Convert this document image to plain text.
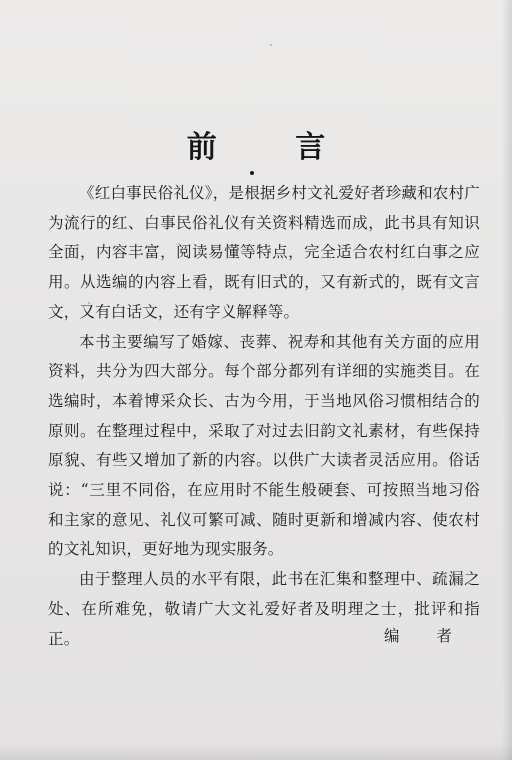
前 言

《红白事民俗礼仪》，是根据乡村文礼爱好者珍藏和农村广为流行的红、白事民俗礼仪有关资料精选而成，此书具有知识全面，内容丰富，阅读易懂等特点，完全适合农村红白事之应用。从选编的内容上看，既有旧式的，又有新式的，既有文言文，又有白话文，还有字义解释等。

本书主要编写了婚嫁、丧葬、祝寿和其他有关方面的应用资料，共分为四大部分。每个部分都列有详细的实施类目。在选编时，本着博采众长、古为今用，于当地风俗习惯相结合的原则。在整理过程中，采取了对过去旧韵文礼素材，有些保持原貌、有些又增加了新的内容。以供广大读者灵活应用。俗话说：“三里不同俗，在应用时不能生般硬套、可按照当地习俗和主家的意见、礼仪可繁可减、随时更新和增减内容、使农村的文礼知识，更好地为现实服务。

由于整理人员的水平有限，此书在汇集和整理中、疏漏之处、在所难免，敬请广大文礼爱好者及明理之士，批评和指正。	编 者
